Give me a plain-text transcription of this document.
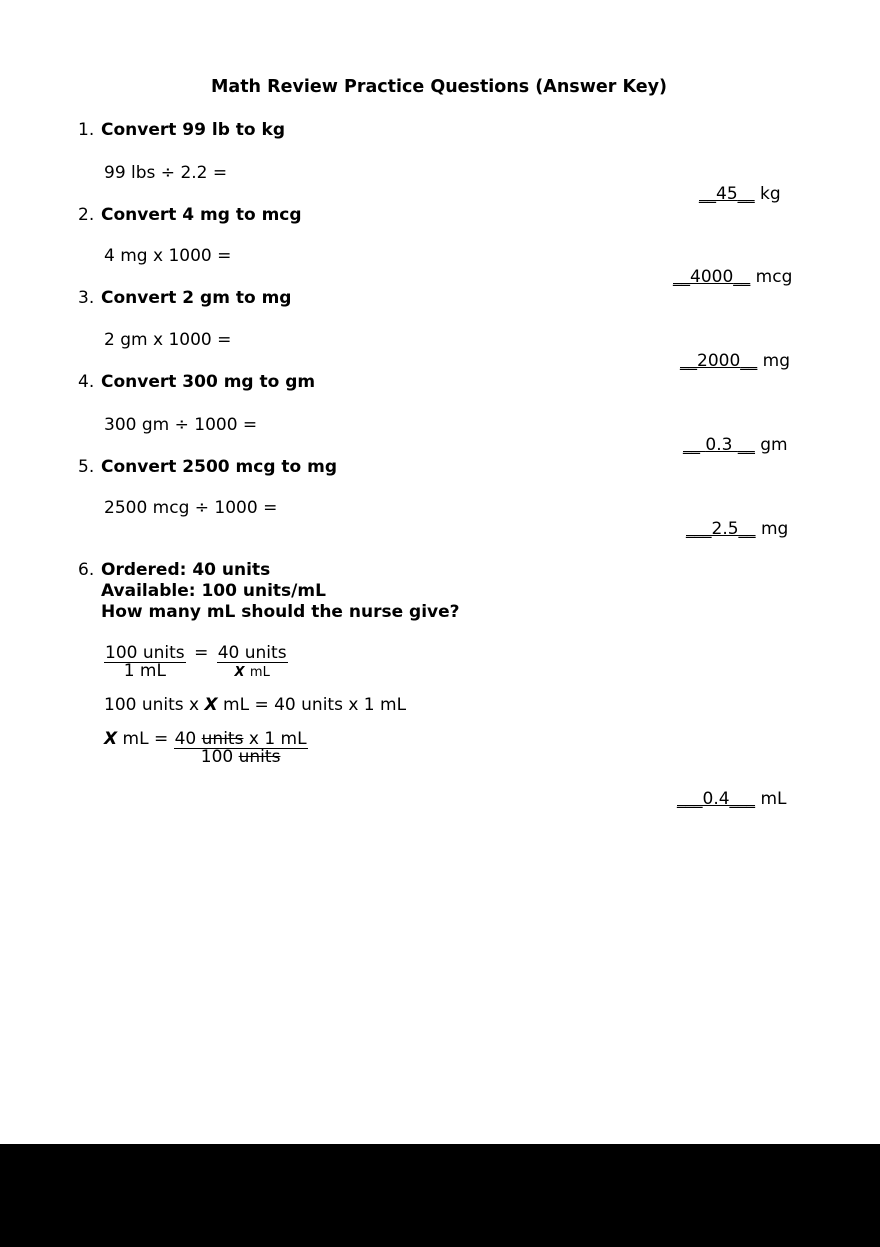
Math Review Practice Questions (Answer Key)
1. Convert 99 lb to kg
99 lbs ÷ 2.2 =
__45__ kg
2. Convert 4 mg to mcg
4 mg x 1000 =
__4000__ mcg
3. Convert 2 gm to mg
2 gm x 1000 =
__2000__ mg
4. Convert 300 mg to gm
300 gm ÷ 1000 =
__ 0.3 __ gm
5. Convert 2500 mcg to mg
2500 mcg ÷ 1000 =
___2.5__ mg
6. Ordered: 40 units
Available: 100 units/mL
How many mL should the nurse give?
$\frac{\text{100 units}}{1 mL} = \frac{\text{40 units}}{\text{X mL}}$
100 units x X mL = 40 units x 1 mL
X mL = $\frac{\text{40 units x 1 mL}}{\text{100 units}}$
___0.4___ mL
